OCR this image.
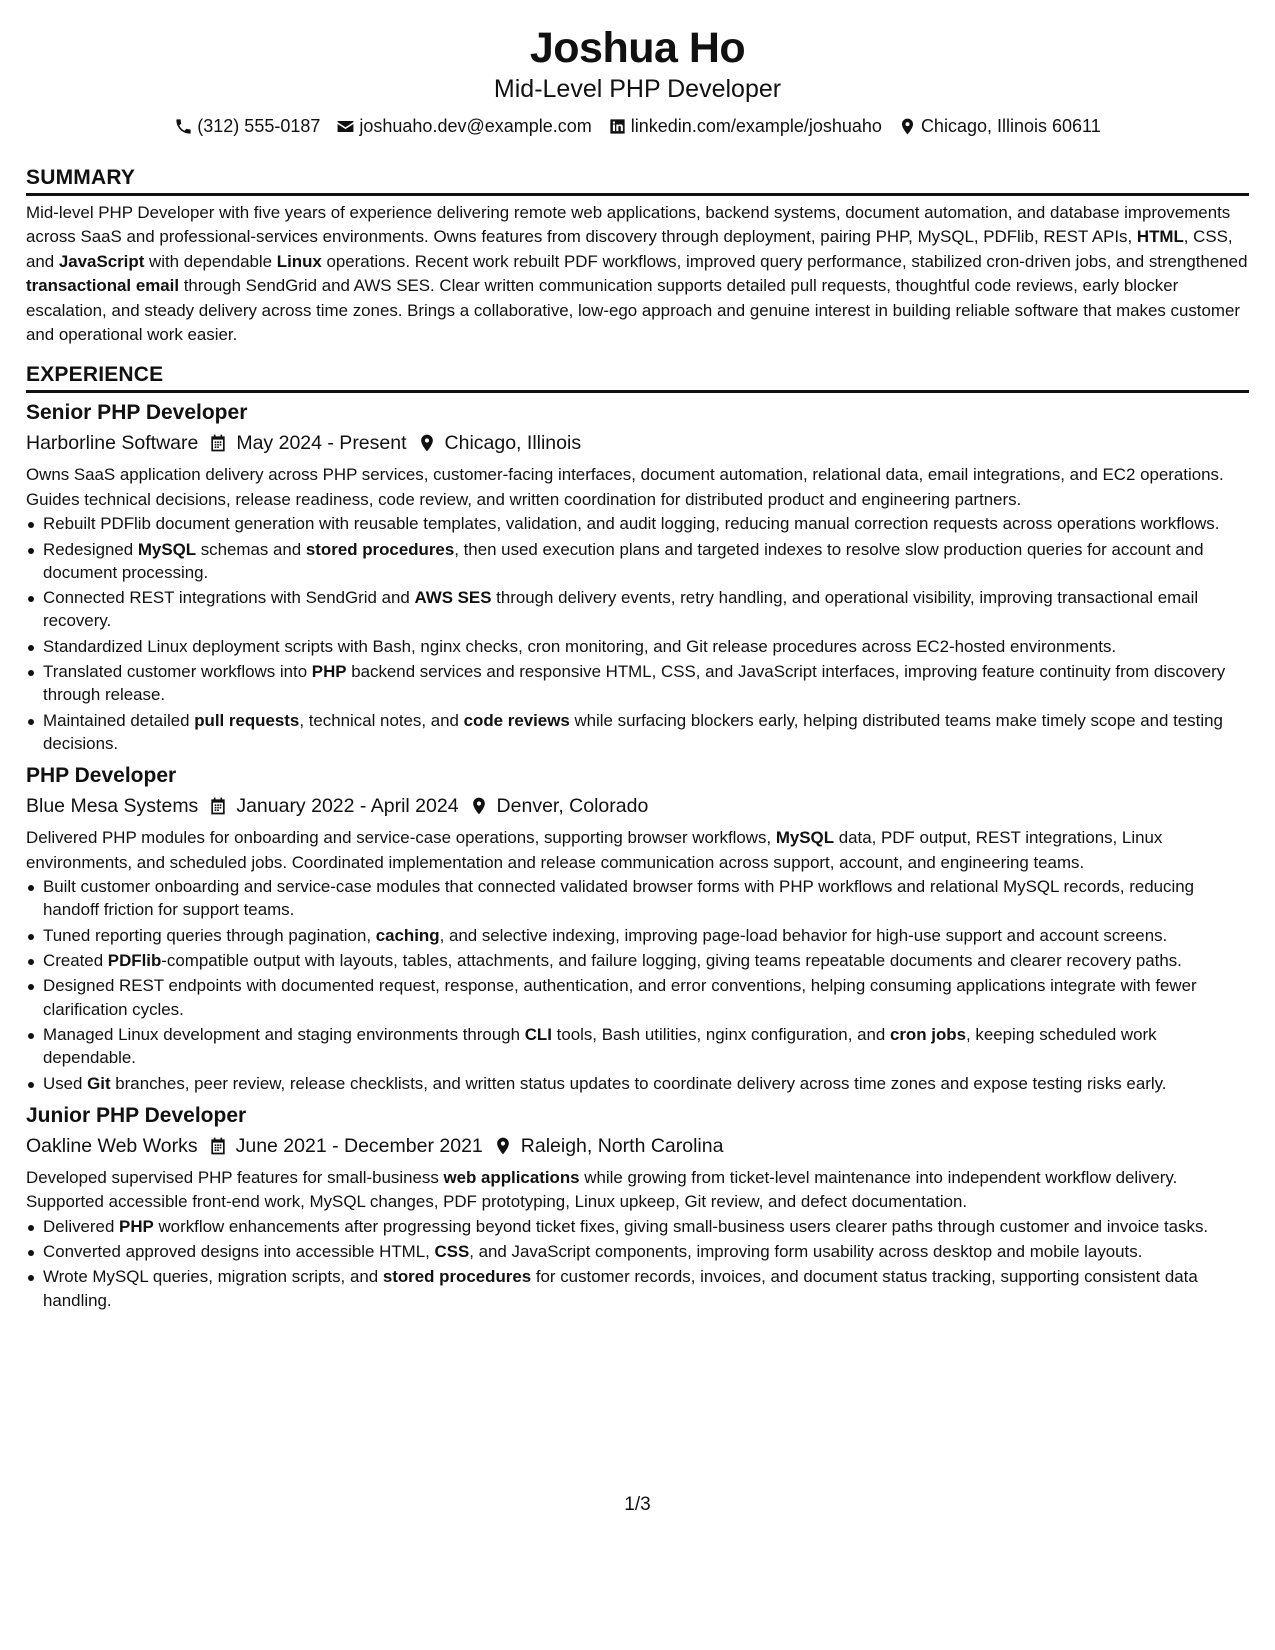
Joshua Ho
Mid-Level PHP Developer
(312) 555-0187 joshuaho.dev@example.com linkedin.com/example/joshuaho Chicago, Illinois 60611
SUMMARY
Mid-level PHP Developer with five years of experience delivering remote web applications, backend systems, document automation, and database improvements across SaaS and professional-services environments. Owns features from discovery through deployment, pairing PHP, MySQL, PDFlib, REST APIs, HTML, CSS, and JavaScript with dependable Linux operations. Recent work rebuilt PDF workflows, improved query performance, stabilized cron-driven jobs, and strengthened transactional email through SendGrid and AWS SES. Clear written communication supports detailed pull requests, thoughtful code reviews, early blocker escalation, and steady delivery across time zones. Brings a collaborative, low-ego approach and genuine interest in building reliable software that makes customer and operational work easier.
EXPERIENCE
Senior PHP Developer
Harborline Software May 2024 - Present Chicago, Illinois
Owns SaaS application delivery across PHP services, customer-facing interfaces, document automation, relational data, email integrations, and EC2 operations. Guides technical decisions, release readiness, code review, and written coordination for distributed product and engineering partners.
Rebuilt PDFlib document generation with reusable templates, validation, and audit logging, reducing manual correction requests across operations workflows.
Redesigned MySQL schemas and stored procedures, then used execution plans and targeted indexes to resolve slow production queries for account and document processing.
Connected REST integrations with SendGrid and AWS SES through delivery events, retry handling, and operational visibility, improving transactional email recovery.
Standardized Linux deployment scripts with Bash, nginx checks, cron monitoring, and Git release procedures across EC2-hosted environments.
Translated customer workflows into PHP backend services and responsive HTML, CSS, and JavaScript interfaces, improving feature continuity from discovery through release.
Maintained detailed pull requests, technical notes, and code reviews while surfacing blockers early, helping distributed teams make timely scope and testing decisions.
PHP Developer
Blue Mesa Systems January 2022 - April 2024 Denver, Colorado
Delivered PHP modules for onboarding and service-case operations, supporting browser workflows, MySQL data, PDF output, REST integrations, Linux environments, and scheduled jobs. Coordinated implementation and release communication across support, account, and engineering teams.
Built customer onboarding and service-case modules that connected validated browser forms with PHP workflows and relational MySQL records, reducing handoff friction for support teams.
Tuned reporting queries through pagination, caching, and selective indexing, improving page-load behavior for high-use support and account screens.
Created PDFlib-compatible output with layouts, tables, attachments, and failure logging, giving teams repeatable documents and clearer recovery paths.
Designed REST endpoints with documented request, response, authentication, and error conventions, helping consuming applications integrate with fewer clarification cycles.
Managed Linux development and staging environments through CLI tools, Bash utilities, nginx configuration, and cron jobs, keeping scheduled work dependable.
Used Git branches, peer review, release checklists, and written status updates to coordinate delivery across time zones and expose testing risks early.
Junior PHP Developer
Oakline Web Works June 2021 - December 2021 Raleigh, North Carolina
Developed supervised PHP features for small-business web applications while growing from ticket-level maintenance into independent workflow delivery. Supported accessible front-end work, MySQL changes, PDF prototyping, Linux upkeep, Git review, and defect documentation.
Delivered PHP workflow enhancements after progressing beyond ticket fixes, giving small-business users clearer paths through customer and invoice tasks.
Converted approved designs into accessible HTML, CSS, and JavaScript components, improving form usability across desktop and mobile layouts.
Wrote MySQL queries, migration scripts, and stored procedures for customer records, invoices, and document status tracking, supporting consistent data handling.
1/3
